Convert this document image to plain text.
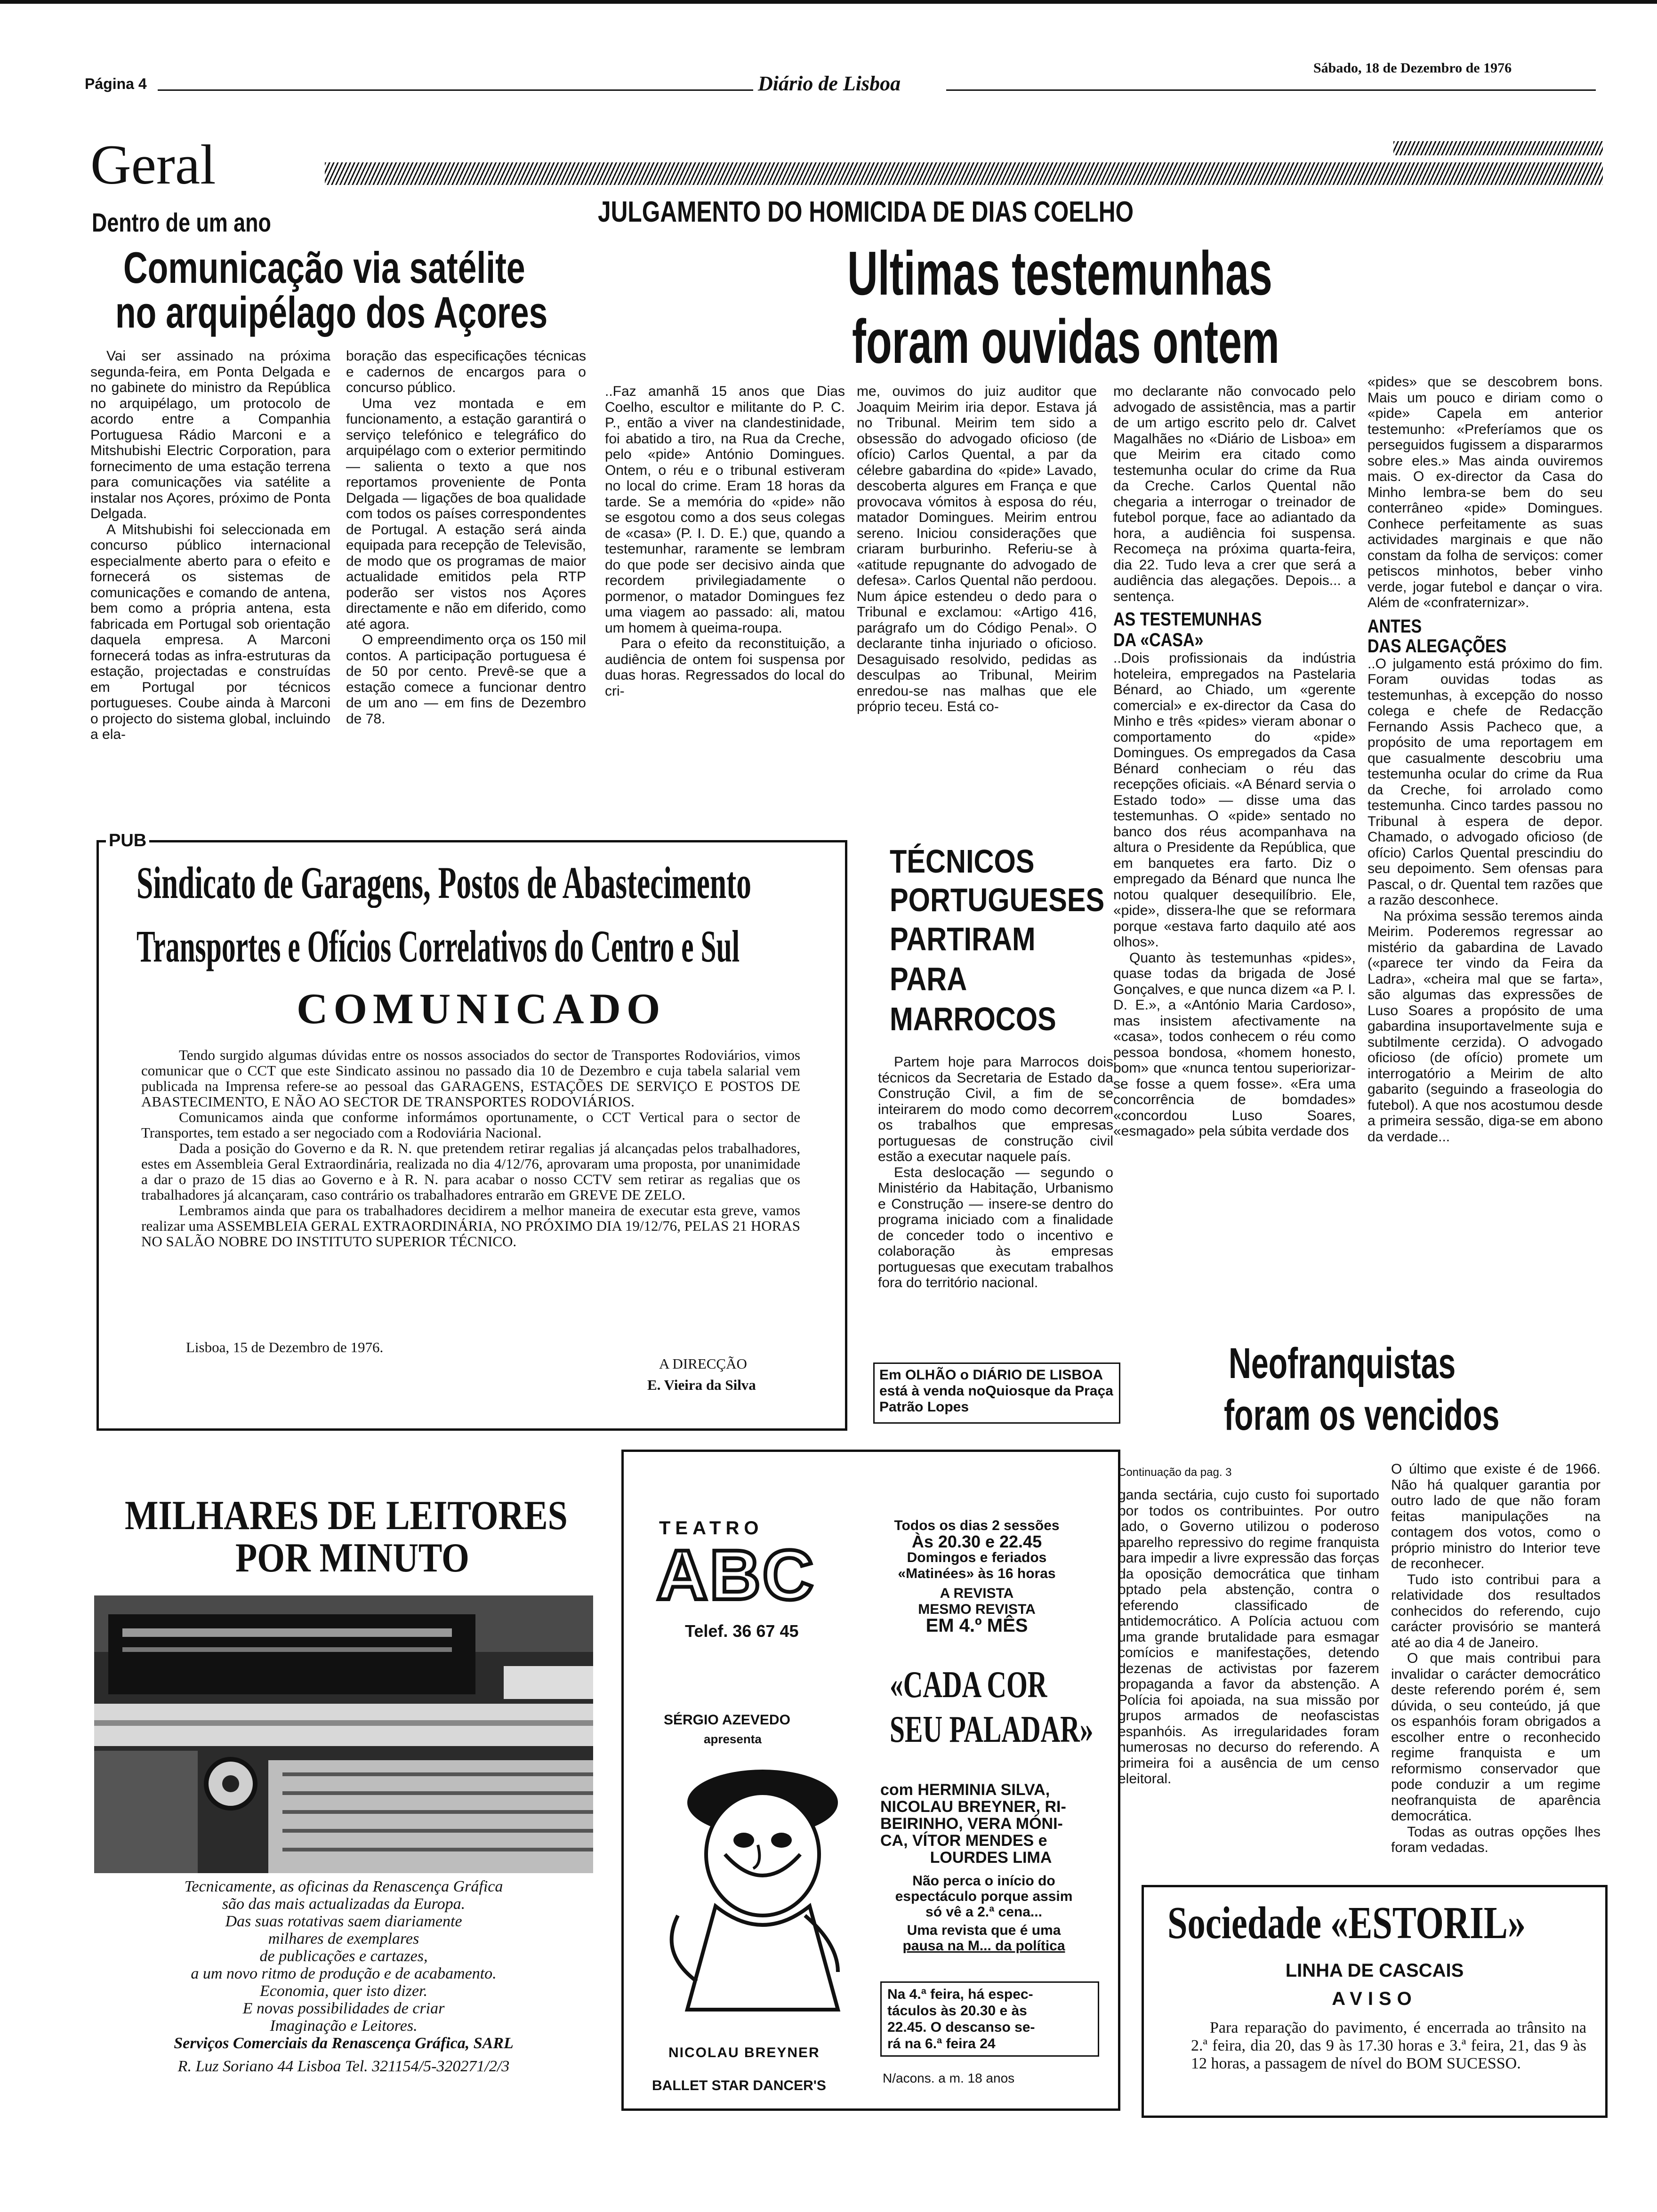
Página 4	Diário de Lisboa
Sábado, 18 de Dezembro de 1976
Geral
Dentro de um ano
Comunicação via satélite
no arquipélago dos Açores

Vai ser assinado na próxima segunda-feira, em Ponta Delgada e no gabinete do ministro da República no arquipélago, um protocolo de acordo entre a Companhia Portuguesa Rádio Marconi e a Mitshubishi Electric Corporation, para fornecimento de uma estação terrena para comunicações via satélite a instalar nos Açores, próximo de Ponta Delgada.

A Mitshubishi foi seleccionada em concurso público internacional especialmente aberto para o efeito e fornecerá os sistemas de comunicações e comando de antena, bem como a própria antena, esta fabricada em Portugal sob orientação daquela empresa. A Marconi fornecerá todas as infra-estruturas da estação, projectadas e construídas em Portugal por técnicos portugueses. Coube ainda à Marconi o projecto do sistema global, incluindo a ela-

boração das especificações técnicas e cadernos de encargos para o concurso público.

Uma vez montada e em funcionamento, a estação garantirá o serviço telefónico e telegráfico do arquipélago com o exterior permitindo — salienta o texto a que nos reportamos proveniente de Ponta Delgada — ligações de boa qualidade com todos os países correspondentes de Portugal. A estação será ainda equipada para recepção de Televisão, de modo que os programas de maior actualidade emitidos pela RTP poderão ser vistos nos Açores directamente e não em diferido, como até agora.

O empreendimento orça os 150 mil contos. A participação portuguesa é de 50 por cento. Prevê-se que a estação comece a funcionar dentro de um ano — em fins de Dezembro de 78.

JULGAMENTO DO HOMICIDA DE DIAS COELHO
Ultimas testemunhas
foram ouvidas ontem

..Faz amanhã 15 anos que Dias Coelho, escultor e militante do P. C. P., então a viver na clandestinidade, foi abatido a tiro, na Rua da Creche, pelo «pide» António Domingues. Ontem, o réu e o tribunal estiveram no local do crime. Eram 18 horas da tarde. Se a memória do «pide» não se esgotou como a dos seus colegas de «casa» (P. I. D. E.) que, quando a testemunhar, raramente se lembram do que pode ser decisivo ainda que recordem privilegiadamente o pormenor, o matador Domingues fez uma viagem ao passado: ali, matou um homem à queima-roupa.

Para o efeito da reconstituição, a audiência de ontem foi suspensa por duas horas. Regressados do local do cri-

me, ouvimos do juiz auditor que Joaquim Meirim iria depor. Estava já no Tribunal. Meirim tem sido a obsessão do advogado oficioso (de ofício) Carlos Quental, a par da célebre gabardina do «pide» Lavado, descoberta algures em França e que provocava vómitos à esposa do réu, matador Domingues. Meirim entrou sereno. Iniciou considerações que criaram burburinho. Referiu-se à «atitude repugnante do advogado de defesa». Carlos Quental não perdoou. Num ápice estendeu o dedo para o Tribunal e exclamou: «Artigo 416, parágrafo um do Código Penal». O declarante tinha injuriado o oficioso. Desaguisado resolvido, pedidas as desculpas ao Tribunal, Meirim enredou-se nas malhas que ele próprio teceu. Está co-

mo declarante não convocado pelo advogado de assistência, mas a partir de um artigo escrito pelo dr. Calvet Magalhães no «Diário de Lisboa» em que Meirim era citado como testemunha ocular do crime da Rua da Creche. Carlos Quental não chegaria a interrogar o treinador de futebol porque, face ao adiantado da hora, a audiência foi suspensa. Recomeça na próxima quarta-feira, dia 22. Tudo leva a crer que será a audiência das alegações. Depois... a sentença.

AS TESTEMUNHAS
DA «CASA»

..Dois profissionais da indústria hoteleira, empregados na Pastelaria Bénard, ao Chiado, um «gerente comercial» e ex-director da Casa do Minho e três «pides» vieram abonar o comportamento do «pide» Domingues. Os empregados da Casa Bénard conheciam o réu das recepções oficiais. «A Bénard servia o Estado todo» — disse uma das testemunhas. O «pide» sentado no banco dos réus acompanhava na altura o Presidente da República, que em banquetes era farto. Diz o empregado da Bénard que nunca lhe notou qualquer desequilíbrio. Ele, «pide», dissera-lhe que se reformara porque «estava farto daquilo até aos olhos».

Quanto às testemunhas «pides», quase todas da brigada de José Gonçalves, e que nunca dizem «a P. I. D. E.», a «António Maria Cardoso», mas insistem afectivamente na «casa», todos conhecem o réu como pessoa bondosa, «homem honesto, bom» que «nunca tentou superiorizar-se fosse a quem fosse». «Era uma concorrência de bomdades» «concordou Luso Soares, «esmagado» pela súbita verdade dos

«pides» que se descobrem bons. Mais um pouco e diriam como o «pide» Capela em anterior testemunho: «Preferíamos que os perseguidos fugissem a dispararmos sobre eles.» Mas ainda ouviremos mais. O ex-director da Casa do Minho lembra-se bem do seu conterrâneo «pide» Domingues. Conhece perfeitamente as suas actividades marginais e que não constam da folha de serviços: comer petiscos minhotos, beber vinho verde, jogar futebol e dançar o vira. Além de «confraternizar».

ANTES
DAS ALEGAÇÕES

..O julgamento está próximo do fim. Foram ouvidas todas as testemunhas, à excepção do nosso colega e chefe de Redacção Fernando Assis Pacheco que, a propósito de uma reportagem em que casualmente descobriu uma testemunha ocular do crime da Rua da Creche, foi arrolado como testemunha. Cinco tardes passou no Tribunal à espera de depor. Chamado, o advogado oficioso (de ofício) Carlos Quental prescindiu do seu depoimento. Sem ofensas para Pascal, o dr. Quental tem razões que a razão desconhece.

Na próxima sessão teremos ainda Meirim. Poderemos regressar ao mistério da gabardina de Lavado («parece ter vindo da Feira da Ladra», «cheira mal que se farta», são algumas das expressões de Luso Soares a propósito de uma gabardina insuportavelmente suja e subtilmente cerzida). O advogado oficioso (de ofício) promete um interrogatório a Meirim de alto gabarito (seguindo a fraseologia do futebol). A que nos acostumou desde a primeira sessão, diga-se em abono da verdade...

PUB
Sindicato de Garagens, Postos de Abastecimento
Transportes e Ofícios Correlativos do Centro e Sul
COMUNICADO

Tendo surgido algumas dúvidas entre os nossos associados do sector de Transportes Rodoviários, vimos comunicar que o CCT que este Sindicato assinou no passado dia 10 de Dezembro e cuja tabela salarial vem publicada na Imprensa refere-se ao pessoal das GARAGENS, ESTAÇÕES DE SERVIÇO E POSTOS DE ABASTECIMENTO, E NÃO AO SECTOR DE TRANSPORTES RODOVIÁRIOS.

Comunicamos ainda que conforme informámos oportunamente, o CCT Vertical para o sector de Transportes, tem estado a ser negociado com a Rodoviária Nacional.

Dada a posição do Governo e da R. N. que pretendem retirar regalias já alcançadas pelos trabalhadores, estes em Assembleia Geral Extraordinária, realizada no dia 4/12/76, aprovaram uma proposta, por unanimidade a dar o prazo de 15 dias ao Governo e à R. N. para acabar o nosso CCTV sem retirar as regalias que os trabalhadores já alcançaram, caso contrário os trabalhadores entrarão em GREVE DE ZELO.

Lembramos ainda que para os trabalhadores decidirem a melhor maneira de executar esta greve, vamos realizar uma ASSEMBLEIA GERAL EXTRAORDINÁRIA, NO PRÓXIMO DIA 19/12/76, PELAS 21 HORAS NO SALÃO NOBRE DO INSTITUTO SUPERIOR TÉCNICO.

Lisboa, 15 de Dezembro de 1976.
A DIRECÇÃO
E. Vieira da Silva
TÉCNICOS
PORTUGUESES
PARTIRAM
PARA
MARROCOS

Partem hoje para Marrocos dois técnicos da Secretaria de Estado da Construção Civil, a fim de se inteirarem do modo como decorrem os trabalhos que empresas portuguesas de construção civil estão a executar naquele país.

Esta deslocação — segundo o Ministério da Habitação, Urbanismo e Construção — insere-se dentro do programa iniciado com a finalidade de conceder todo o incentivo e colaboração às empresas portuguesas que executam trabalhos fora do território nacional.

Em OLHÃO o DIÁRIO DE LISBOA está à venda noQuiosque da Praça Patrão Lopes
Neofranquistas
foram os vencidos
Continuação da pag. 3

ganda sectária, cujo custo foi suportado por todos os contribuintes. Por outro lado, o Governo utilizou o poderoso aparelho repressivo do regime franquista para impedir a livre expressão das forças da oposição democrática que tinham optado pela abstenção, contra o referendo classificado de antidemocrático. A Polícia actuou com uma grande brutalidade para esmagar comícios e manifestações, detendo dezenas de activistas por fazerem propaganda a favor da abstenção. A Polícia foi apoiada, na sua missão por grupos armados de neofascistas espanhóis. As irregularidades foram numerosas no decurso do referendo. A primeira foi a ausência de um censo eleitoral.

O último que existe é de 1966. Não há qualquer garantia por outro lado de que não foram feitas manipulações na contagem dos votos, como o próprio ministro do Interior teve de reconhecer.

Tudo isto contribui para a relatividade dos resultados conhecidos do referendo, cujo carácter provisório se manterá até ao dia 4 de Janeiro.

O que mais contribui para invalidar o carácter democrático deste referendo porém é, sem dúvida, o seu conteúdo, já que os espanhóis foram obrigados a escolher entre o reconhecido regime franquista e um reformismo conservador que pode conduzir a um regime neofranquista de aparência democrática.

Todas as outras opções lhes foram vedadas.

MILHARES DE LEITORES
POR MINUTO
Tecnicamente, as oficinas da Renascença Gráfica
são das mais actualizadas da Europa.
Das suas rotativas saem diariamente
milhares de exemplares
de publicações e cartazes,
a um novo ritmo de produção e de acabamento.
Economia, quer isto dizer.
E novas possibilidades de criar
Imaginação e Leitores.
Serviços Comerciais da Renascença Gráfica, SARL
R. Luz Soriano 44 Lisboa Tel. 321154/5-320271/2/3
TEATRO
ABC
Telef. 36 67 45
Todos os dias 2 sessões
Às 20.30 e 22.45
Domingos e feriados
«Matinées» às 16 horas
A REVISTA
MESMO REVISTA
EM 4.º MÊS
«CADA COR
SEU PALADAR»
SÉRGIO AZEVEDO
apresenta
NICOLAU BREYNER
BALLET STAR DANCER'S
com HERMINIA SILVA,
NICOLAU BREYNER, RI-
BEIRINHO, VERA MÓNI-
CA, VÍTOR MENDES e
LOURDES LIMA
Não perca o início do
espectáculo porque assim
só vê a 2.ª cena...
Uma revista que é uma
pausa na M... da política
Na 4.ª feira, há espec-
táculos às 20.30 e às
22.45. O descanso se-
rá na 6.ª feira 24
N/acons. a m. 18 anos
Sociedade «ESTORIL»
LINHA DE CASCAIS
AVISO
Para reparação do pavimento, é encerrada ao trânsito na 2.ª feira, dia 20, das 9 às 17.30 horas e 3.ª feira, 21, das 9 às 12 horas, a passagem de nível do BOM SUCESSO.
